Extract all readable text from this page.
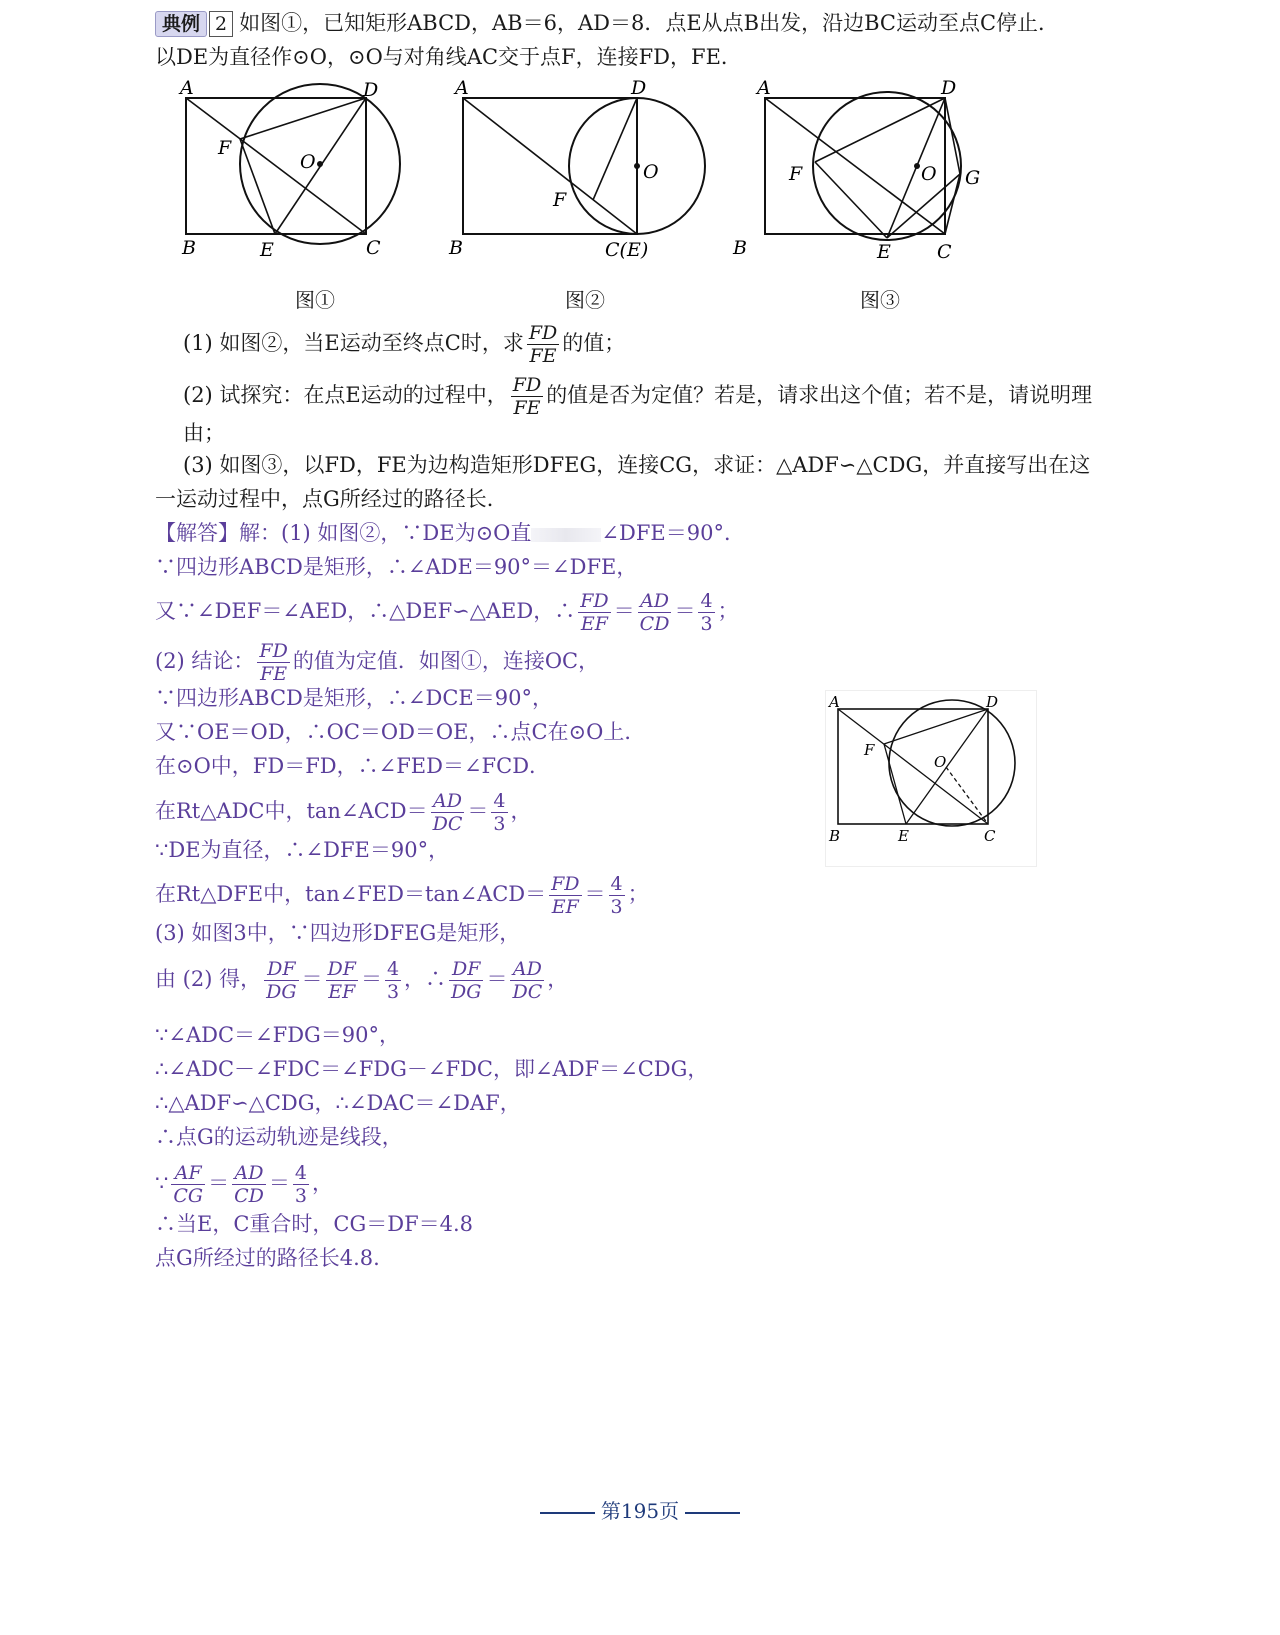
典例 2 如图①，已知矩形ABCD，AB＝6，AD＝8．点E从点B出发，沿边BC运动至点C停止．
以DE为直径作⊙O，⊙O与对角线AC交于点F，连接FD，FE．
A	D
F
O
B	E	C
图①
A	D
O
F
B	C(E)
图②
A	D
F	O G
B	E C
图③
(1) 如图②，当E运动至终点C时，求 $\frac{FD}{FE}$ 的值；
(2) 试探究：在点E运动的过程中， $\frac{FD}{FE}$ 的值是否为定值？若是，请求出这个值；若不是，请说明理
由；
(3) 如图③，以FD，FE为边构造矩形DFEG，连接CG，求证：△ADF∽△CDG，并直接写出在这
一运动过程中，点G所经过的路径长．
【解答】解：(1) 如图②，∵DE为⊙O直	∠DFE＝90°．
∵四边形ABCD是矩形，∴∠ADE＝90°＝∠DFE，
又∵∠DEF＝∠AED，∴△DEF∽△AED，∴ $\frac{FD}{EF} = \frac{AD}{CD} = \frac{4}{3}$ ；
(2) 结论： $\frac{FD}{FE}$ 的值为定值．如图①，连接OC，
∵四边形ABCD是矩形，∴∠DCE＝90°，
又∵OE＝OD，∴OC＝OD＝OE，∴点C在⊙O上．
在⊙O中，FD＝FD，∴∠FED＝∠FCD．
在Rt△ADC中，tan∠ACD＝ $\frac{AD}{DC} = \frac{4}{3}$ ，
∵DE为直径，∴∠DFE＝90°，
在Rt△DFE中，tan∠FED＝tan∠ACD＝ $\frac{FD}{EF} = \frac{4}{3}$ ；
(3) 如图3中，∵四边形DFEG是矩形，
由 (2) 得， $\frac{DF}{DG} = \frac{DF}{EF} = \frac{4}{3}$ ，∴ $\frac{DF}{DG} = \frac{AD}{DC}$ ，
∵∠ADC＝∠FDG＝90°，
∴∠ADC－∠FDC＝∠FDG－∠FDC，即∠ADF＝∠CDG，
∴△ADF∽△CDG，∴∠DAC＝∠DAF，
∴点G的运动轨迹是线段，
∵ $\frac{AF}{CG} = \frac{AD}{CD} = \frac{4}{3}$ ，
∴当E，C重合时，CG＝DF＝4.8
点G所经过的路径长4.8.
A	D
F
O
B	E	C
第195页
